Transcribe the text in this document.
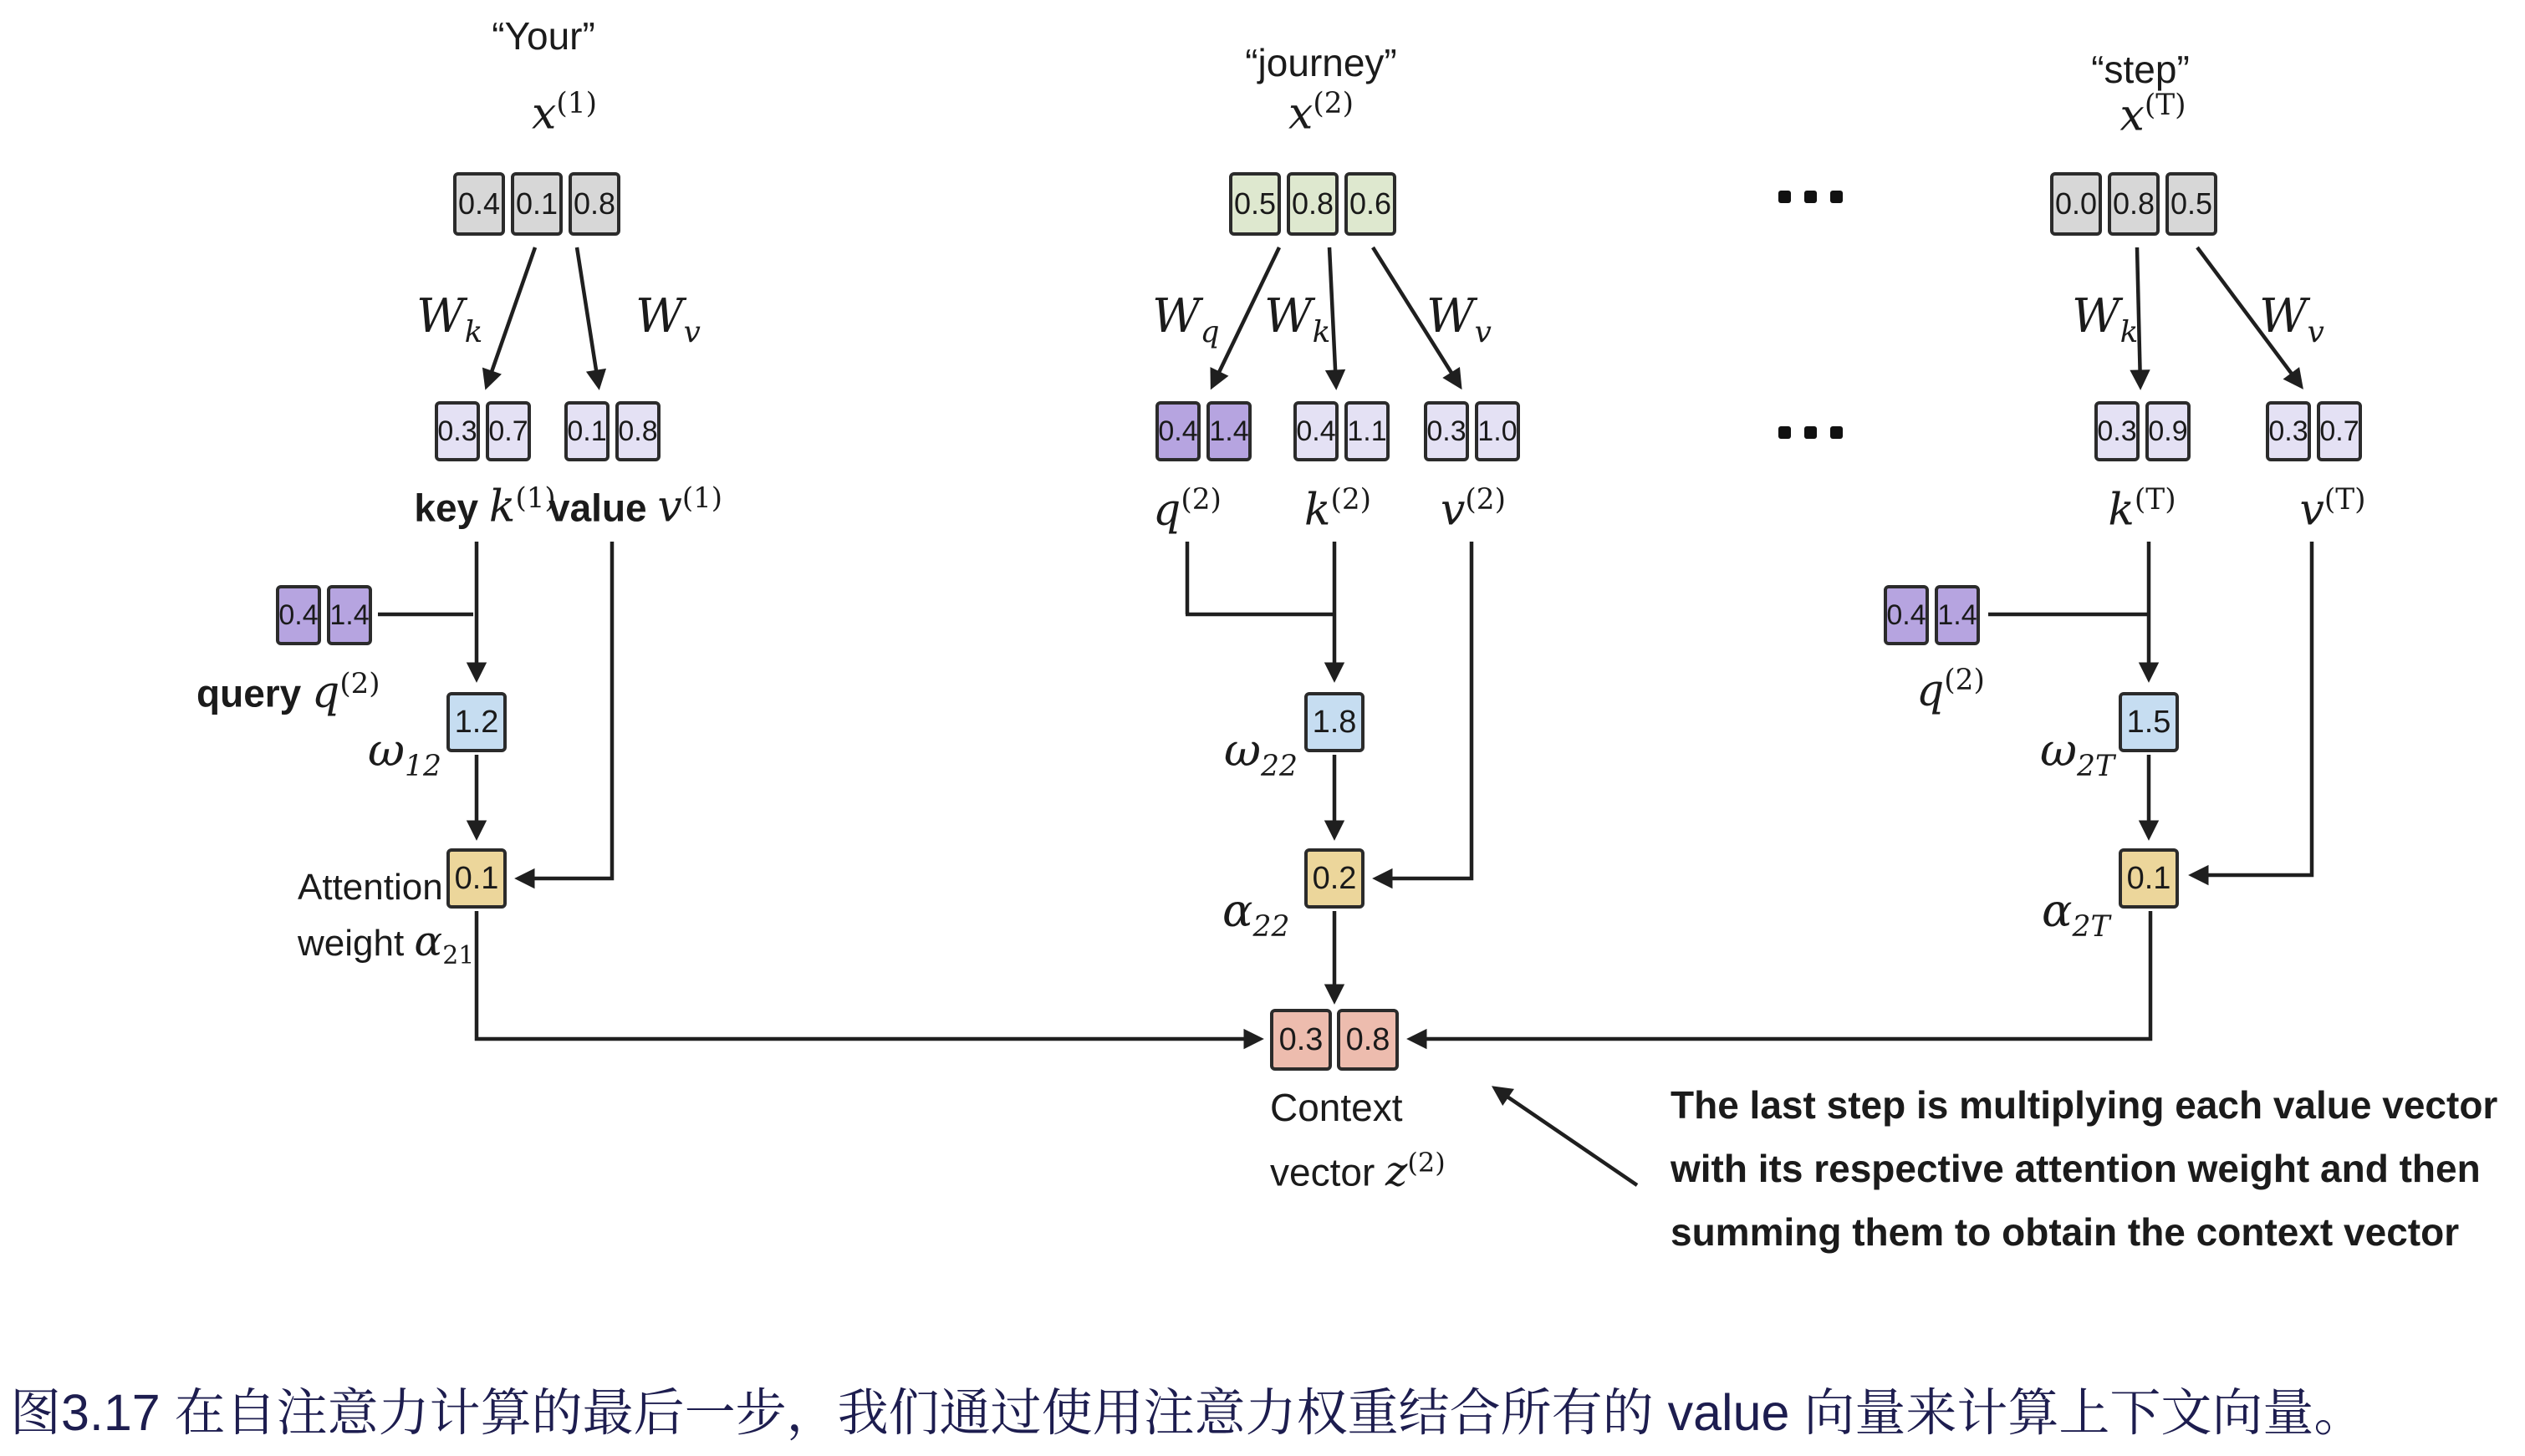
“Your”
$x^{(1)}$
0.4 0.1 0.8
$W_k$	$W_v$
0.3 0.7 0.1 0.8
key $k^{(1)}$
value $v^{(1)}$
0.4 1.4
query $q^{(2)}$
1.2
$\omega_{12}$
0.1
Attention
weight $\alpha_{21}$
“journey”
$x^{(2)}$
0.5 0.8 0.6
$W_q$ $W_k$ $W_v$
0.4 1.4 0.4 1.1 0.3 1.0
$q^{(2)}$	$k^{(2)}$	$v^{(2)}$
1.8
$\omega_{22}$
0.2
$\alpha_{22}$
“step”
$x^{(T)}$
0.0 0.8 0.5
$W_k$	$W_v$
0.3 0.9	0.3 0.7
$k^{(T)}$	$v^{(T)}$
0.4 1.4
$q^{(2)}$
1.5
$\omega_{2T}$
0.1
$\alpha_{2T}$
0.3 0.8
Context
vector $z^{(2)}$
The last step is multiplying each value vector
with its respective attention weight and then
summing them to obtain the context vector
图3.17 在自注意力计算的最后一步，我们通过使用注意力权重结合所有的 value 向量来计算上下文向量。
